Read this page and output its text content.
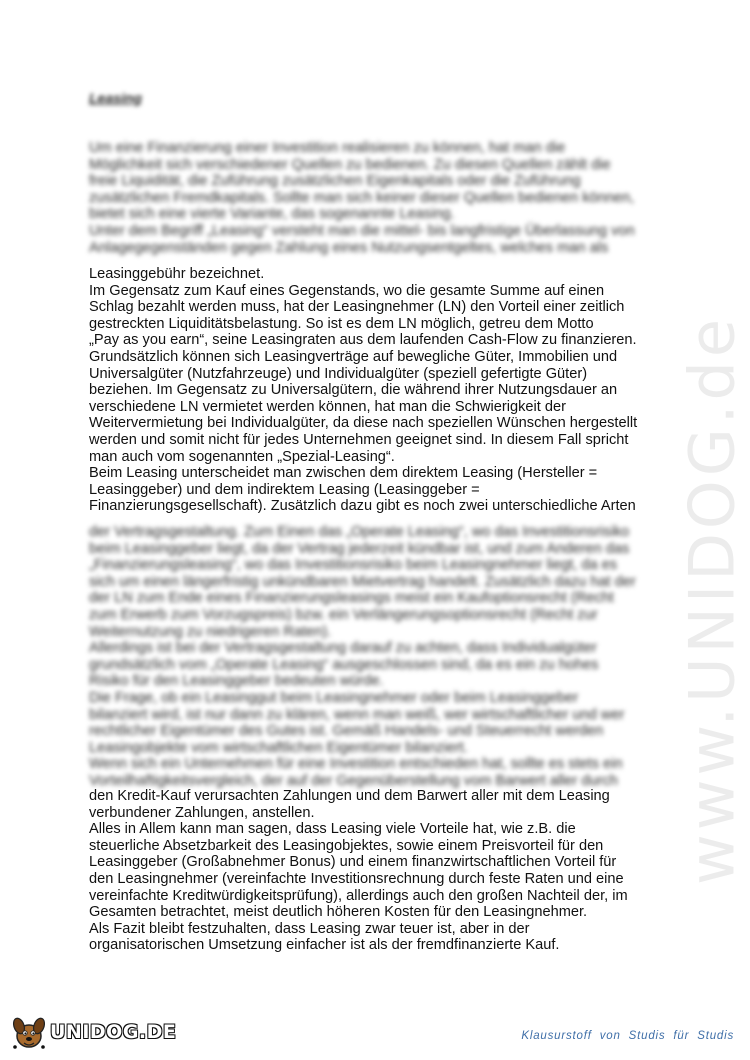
www.UNIDOG.de
Leasing
Um eine Finanzierung einer Investition realisieren zu können, hat man die
Möglichkeit sich verschiedener Quellen zu bedienen. Zu diesen Quellen zählt die
freie Liquidität, die Zuführung zusätzlichen Eigenkapitals oder die Zuführung
zusätzlichen Fremdkapitals. Sollte man sich keiner dieser Quellen bedienen können,
bietet sich eine vierte Variante, das sogenannte Leasing.
Unter dem Begriff „Leasing“ versteht man die mittel- bis langfristige Überlassung von
Anlagegegenständen gegen Zahlung eines Nutzungsentgeltes, welches man als
Leasinggebühr bezeichnet.
Im Gegensatz zum Kauf eines Gegenstands, wo die gesamte Summe auf einen
Schlag bezahlt werden muss, hat der Leasingnehmer (LN) den Vorteil einer zeitlich
gestreckten Liquiditätsbelastung. So ist es dem LN möglich, getreu dem Motto
„Pay as you earn“, seine Leasingraten aus dem laufenden Cash-Flow zu finanzieren.
Grundsätzlich können sich Leasingverträge auf bewegliche Güter, Immobilien und
Universalgüter (Nutzfahrzeuge) und Individualgüter (speziell gefertigte Güter)
beziehen. Im Gegensatz zu Universalgütern, die während ihrer Nutzungsdauer an
verschiedene LN vermietet werden können, hat man die Schwierigkeit der
Weitervermietung bei Individualgüter, da diese nach speziellen Wünschen hergestellt
werden und somit nicht für jedes Unternehmen geeignet sind. In diesem Fall spricht
man auch vom sogenannten „Spezial-Leasing“.
Beim Leasing unterscheidet man zwischen dem direktem Leasing (Hersteller =
Leasinggeber) und dem indirektem Leasing (Leasinggeber =
Finanzierungsgesellschaft). Zusätzlich dazu gibt es noch zwei unterschiedliche Arten
der Vertragsgestaltung. Zum Einen das „Operate Leasing“, wo das Investitionsrisiko
beim Leasinggeber liegt, da der Vertrag jederzeit kündbar ist, und zum Anderen das
„Finanzierungsleasing“, wo das Investitionsrisiko beim Leasingnehmer liegt, da es
sich um einen längerfristig unkündbaren Mietvertrag handelt. Zusätzlich dazu hat der
der LN zum Ende eines Finanzierungsleasings meist ein Kaufoptionsrecht (Recht
zum Erwerb zum Vorzugspreis) bzw. ein Verlängerungsoptionsrecht (Recht zur
Weiternutzung zu niedrigeren Raten).
Allerdings ist bei der Vertragsgestaltung darauf zu achten, dass Individualgüter
grundsätzlich vom „Operate Leasing“ ausgeschlossen sind, da es ein zu hohes
Risiko für den Leasinggeber bedeuten würde.
Die Frage, ob ein Leasinggut beim Leasingnehmer oder beim Leasinggeber
bilanziert wird, ist nur dann zu klären, wenn man weiß, wer wirtschaftlicher und wer
rechtlicher Eigentümer des Gutes ist. Gemäß Handels- und Steuerrecht werden
Leasingobjekte vom wirtschaftlichen Eigentümer bilanziert.
Wenn sich ein Unternehmen für eine Investition entschieden hat, sollte es stets ein
Vorteilhaftigkeitsvergleich, der auf der Gegenüberstellung vom Barwert aller durch
den Kredit-Kauf verursachten Zahlungen und dem Barwert aller mit dem Leasing
verbundener Zahlungen, anstellen.
Alles in Allem kann man sagen, dass Leasing viele Vorteile hat, wie z.B. die
steuerliche Absetzbarkeit des Leasingobjektes, sowie einem Preisvorteil für den
Leasinggeber (Großabnehmer Bonus) und einem finanzwirtschaftlichen Vorteil für
den Leasingnehmer (vereinfachte Investitionsrechnung durch feste Raten und eine
vereinfachte Kreditwürdigkeitsprüfung), allerdings auch den großen Nachteil der, im
Gesamten betrachtet, meist deutlich höheren Kosten für den Leasingnehmer.
Als Fazit bleibt festzuhalten, dass Leasing zwar teuer ist, aber in der
organisatorischen Umsetzung einfacher ist als der fremdfinanzierte Kauf.
UNIDOG.DE	Klausurstoff von Studis für Studis
